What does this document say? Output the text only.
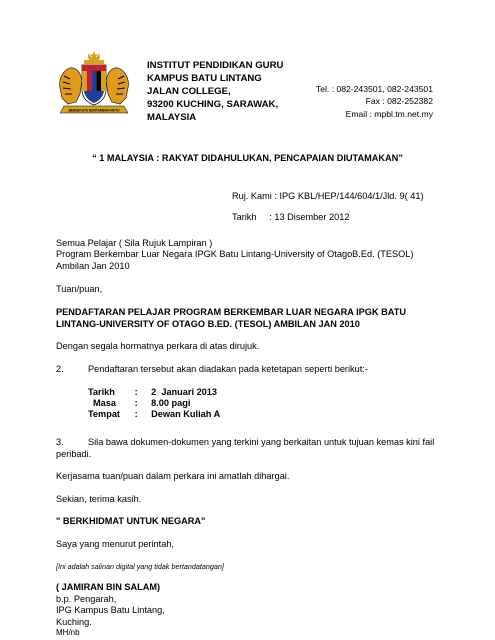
BERSEKUTU BERTAMBAH MUTU
INSTITUT PENDIDIKAN GURU
KAMPUS BATU LINTANG
JALAN COLLEGE,
93200 KUCHING, SARAWAK,
MALAYSIA
Tel. : 082-243501, 082-243501
Fax : 082-252382
Email : mpbl.tm.net.my
“ 1 MALAYSIA : RAKYAT DIDAHULUKAN, PENCAPAIAN DIUTAMAKAN”
Ruj. Kami : IPG KBL/HEP/144/604/1/Jld. 9( 41)
Tarikh     : 13 Disember 2012
Semua Pelajar ( Sila Rujuk Lampiran )
Program Berkembar Luar Negara IPGK Batu Lintang-University of OtagoB.Ed. (TESOL)
Ambilan Jan 2010
Tuan/puan,
PENDAFTARAN PELAJAR PROGRAM BERKEMBAR LUAR NEGARA IPGK BATU
LINTANG-UNIVERSITY OF OTAGO B.ED. (TESOL) AMBILAN JAN 2010
Dengan segala hormatnya perkara di atas dirujuk.
2.	Pendaftaran tersebut akan diadakan pada ketetapan seperti berikut:-
Tarikh : 2  Januari 2013
Masa : 8.00 pagi
Tempat : Dewan Kuliah A
3.	Sila bawa dokumen-dokumen yang terkini yang berkaitan untuk tujuan kemas kini fail
peribadi.
Kerjasama tuan/puan dalam perkara ini amatlah dihargai.
Sekian, terima kasih.
" BERKHIDMAT UNTUK NEGARA"
Saya yang menurut perintah,
[Ini adalah salinan digital yang tidak bertandatangan]
( JAMIRAN BIN SALAM)
b.p. Pengarah,
IPG Kampus Batu Lintang,
Kuching.
MH/nb
